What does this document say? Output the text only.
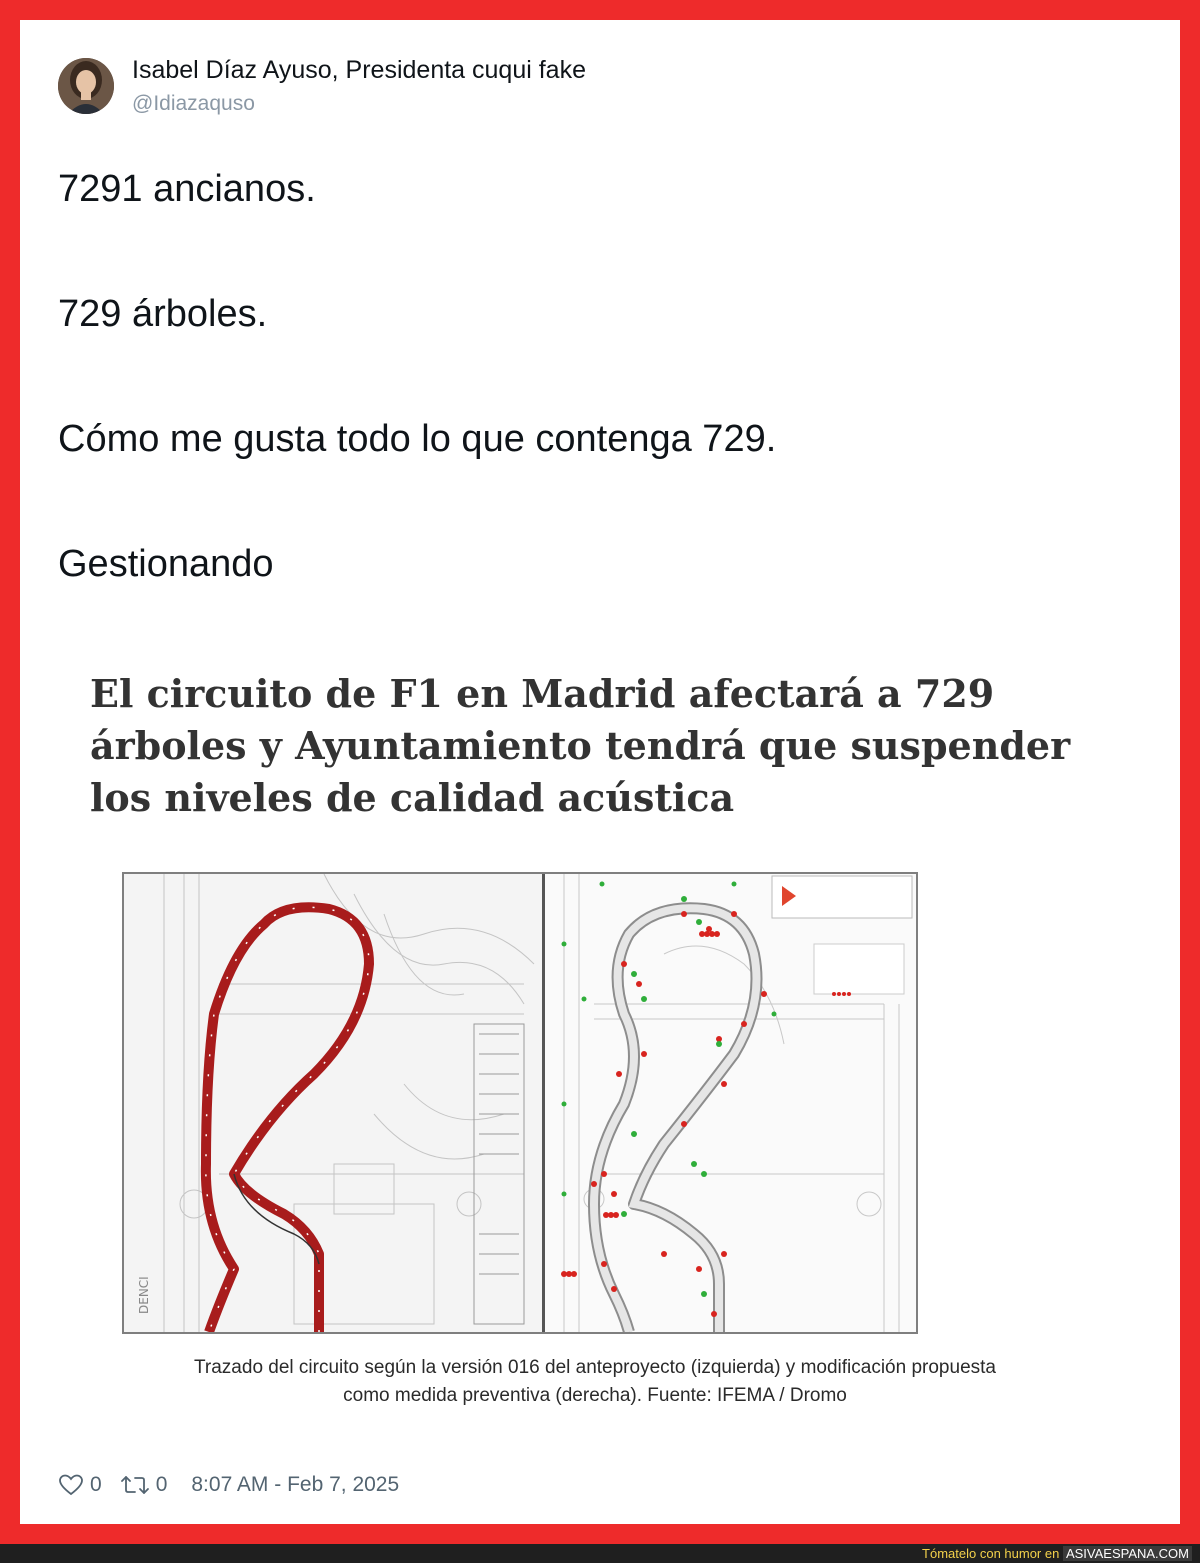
Isabel Díaz Ayuso, Presidenta cuqui fake
@Idiazaquso
7291 ancianos.
729 árboles.
Cómo me gusta todo lo que contenga 729.
Gestionando
El circuito de F1 en Madrid afectará a 729
árboles y Ayuntamiento tendrá que suspender
los niveles de calidad acústica
DENCI
Trazado del circuito según la versión 016 del anteproyecto (izquierda) y modificación propuesta
como medida preventiva (derecha). Fuente: IFEMA / Dromo
0	0 8:07 AM - Feb 7, 2025
Tómatelo con humor en ASIVAESPANA.COM
